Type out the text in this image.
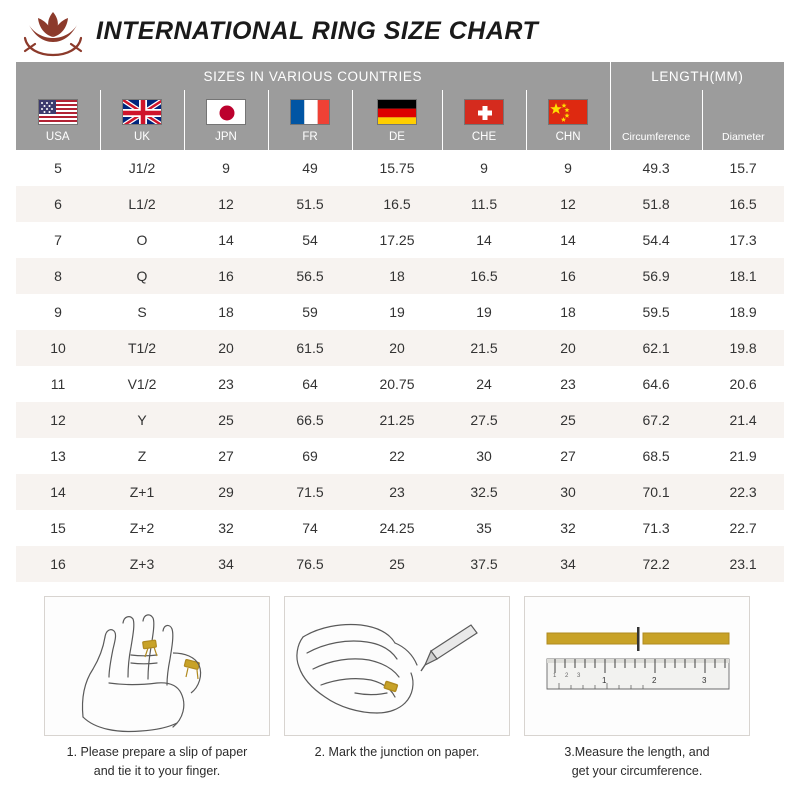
INTERNATIONAL RING SIZE CHART
SIZES IN VARIOUS COUNTRIES							LENGTH(MM)	

USA	UK	JPN	FR	DE	CHE	CHN	Circumference	Diameter
5	J1/2	9	49	15.75	9	9	49.3	15.7
6	L1/2	12	51.5	16.5	11.5	12	51.8	16.5
7	O	14	54	17.25	14	14	54.4	17.3
8	Q	16	56.5	18	16.5	16	56.9	18.1
9	S	18	59	19	19	18	59.5	18.9
10	T1/2	20	61.5	20	21.5	20	62.1	19.8
11	V1/2	23	64	20.75	24	23	64.6	20.6
12	Y	25	66.5	21.25	27.5	25	67.2	21.4
13	Z	27	69	22	30	27	68.5	21.9
14	Z+1	29	71.5	23	32.5	30	70.1	22.3
15	Z+2	32	74	24.25	35	32	71.3	22.7
16	Z+3	34	76.5	25	37.5	34	72.2	23.1
1. Please prepare a slip of paper
and tie it to your finger.
2. Mark the junction on paper.
1	2	3
1 2 3
3.Measure the length, and
get your circumference.
